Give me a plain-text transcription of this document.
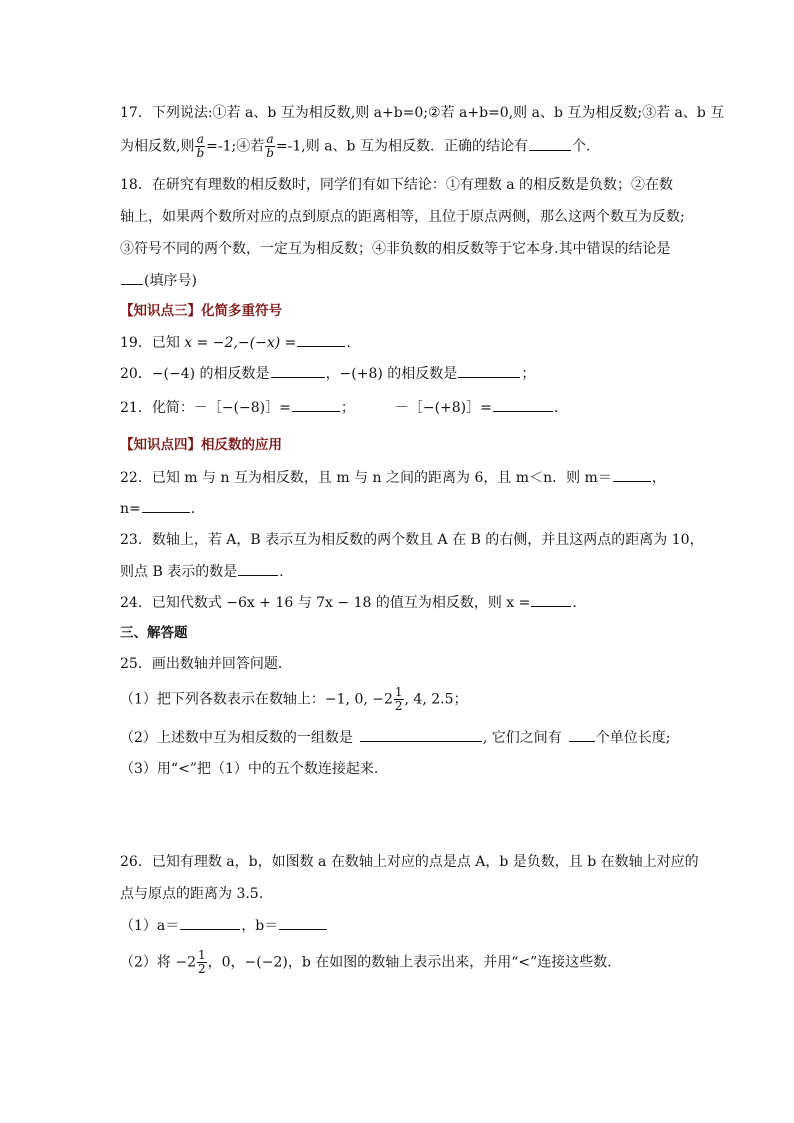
17．下列说法:①若 a、b 互为相反数,则 a+b=0;②若 a+b=0,则 a、b 互为相反数;③若 a、b 互
为相反数,则 $\frac{a}{b}$ =-1;④若 $\frac{a}{b} =-1$,则 a、b 互为相反数．正确的结论有	个.
18．在研究有理数的相反数时，同学们有如下结论：①有理数 a 的相反数是负数；②在数
轴上，如果两个数所对应的点到原点的距离相等，且位于原点两侧，那么这两个数互为反数;
③符号不同的两个数，一定互为相反数；④非负数的相反数等于它本身.其中错误的结论是
(填序号)
【知识点三】化简多重符号
19．已知 x = −2,−(−x) =	．
20．−(−4) 的相反数是	，−(+8) 的相反数是	；
21．化简：－［−(−8)］=	；	－［−(+8)］=	．
【知识点四】相反数的应用
22．已知 m 与 n 互为相反数，且 m 与 n 之间的距离为 6，且 m＜n．则 m＝	，
n=	．
23．数轴上，若 A，B 表示互为相反数的两个数且 A 在 B 的右侧，并且这两点的距离为 10，
则点 B 表示的数是	．
24．已知代数式 −6x + 16 与 7x − 18 的值互为相反数，则 x =	．
三、解答题
25．画出数轴并回答问题．
（1）把下列各数表示在数轴上：−1, 0, $-2 \frac{1}{2}$ , 4, 2.5；
（2）上述数中互为相反数的一组数是	, 它们之间有 个单位长度;
（3）用“<”把（1）中的五个数连接起来．
26．已知有理数 a，b，如图数 a 在数轴上对应的点是点 A，b 是负数，且 b 在数轴上对应的
点与原点的距离为 3.5.
（1）a＝	，b＝
（2）将 $-2 \frac{1}{2}$ ，0，−(−2)，b 在如图的数轴上表示出来，并用“<”连接这些数．
